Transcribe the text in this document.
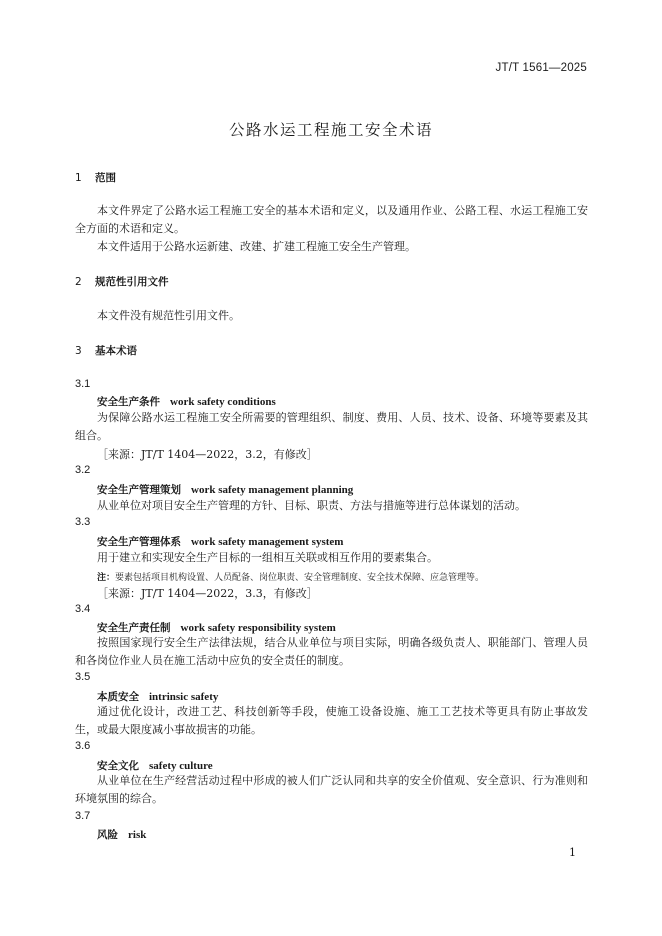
JT/T 1561—2025
公路水运工程施工安全术语
1 范围
本文件界定了公路水运工程施工安全的基本术语和定义，以及通用作业、公路工程、水运工程施工安全方面的术语和定义。
本文件适用于公路水运新建、改建、扩建工程施工安全生产管理。
2 规范性引用文件
本文件没有规范性引用文件。
3 基本术语
3.1
安全生产条件 work safety conditions
为保障公路水运工程施工安全所需要的管理组织、制度、费用、人员、技术、设备、环境等要素及其组合。
［来源：JT/T 1404—2022，3.2，有修改］
3.2
安全生产管理策划 work safety management planning
从业单位对项目安全生产管理的方针、目标、职责、方法与措施等进行总体谋划的活动。
3.3
安全生产管理体系 work safety management system
用于建立和实现安全生产目标的一组相互关联或相互作用的要素集合。
注：要素包括项目机构设置、人员配备、岗位职责、安全管理制度、安全技术保障、应急管理等。
［来源：JT/T 1404—2022，3.3，有修改］
3.4
安全生产责任制 work safety responsibility system
按照国家现行安全生产法律法规，结合从业单位与项目实际，明确各级负责人、职能部门、管理人员和各岗位作业人员在施工活动中应负的安全责任的制度。
3.5
本质安全 intrinsic safety
通过优化设计，改进工艺、科技创新等手段，使施工设备设施、施工工艺技术等更具有防止事故发生，或最大限度减小事故损害的功能。
3.6
安全文化 safety culture
从业单位在生产经营活动过程中形成的被人们广泛认同和共享的安全价值观、安全意识、行为准则和环境氛围的综合。
3.7
风险 risk
1
